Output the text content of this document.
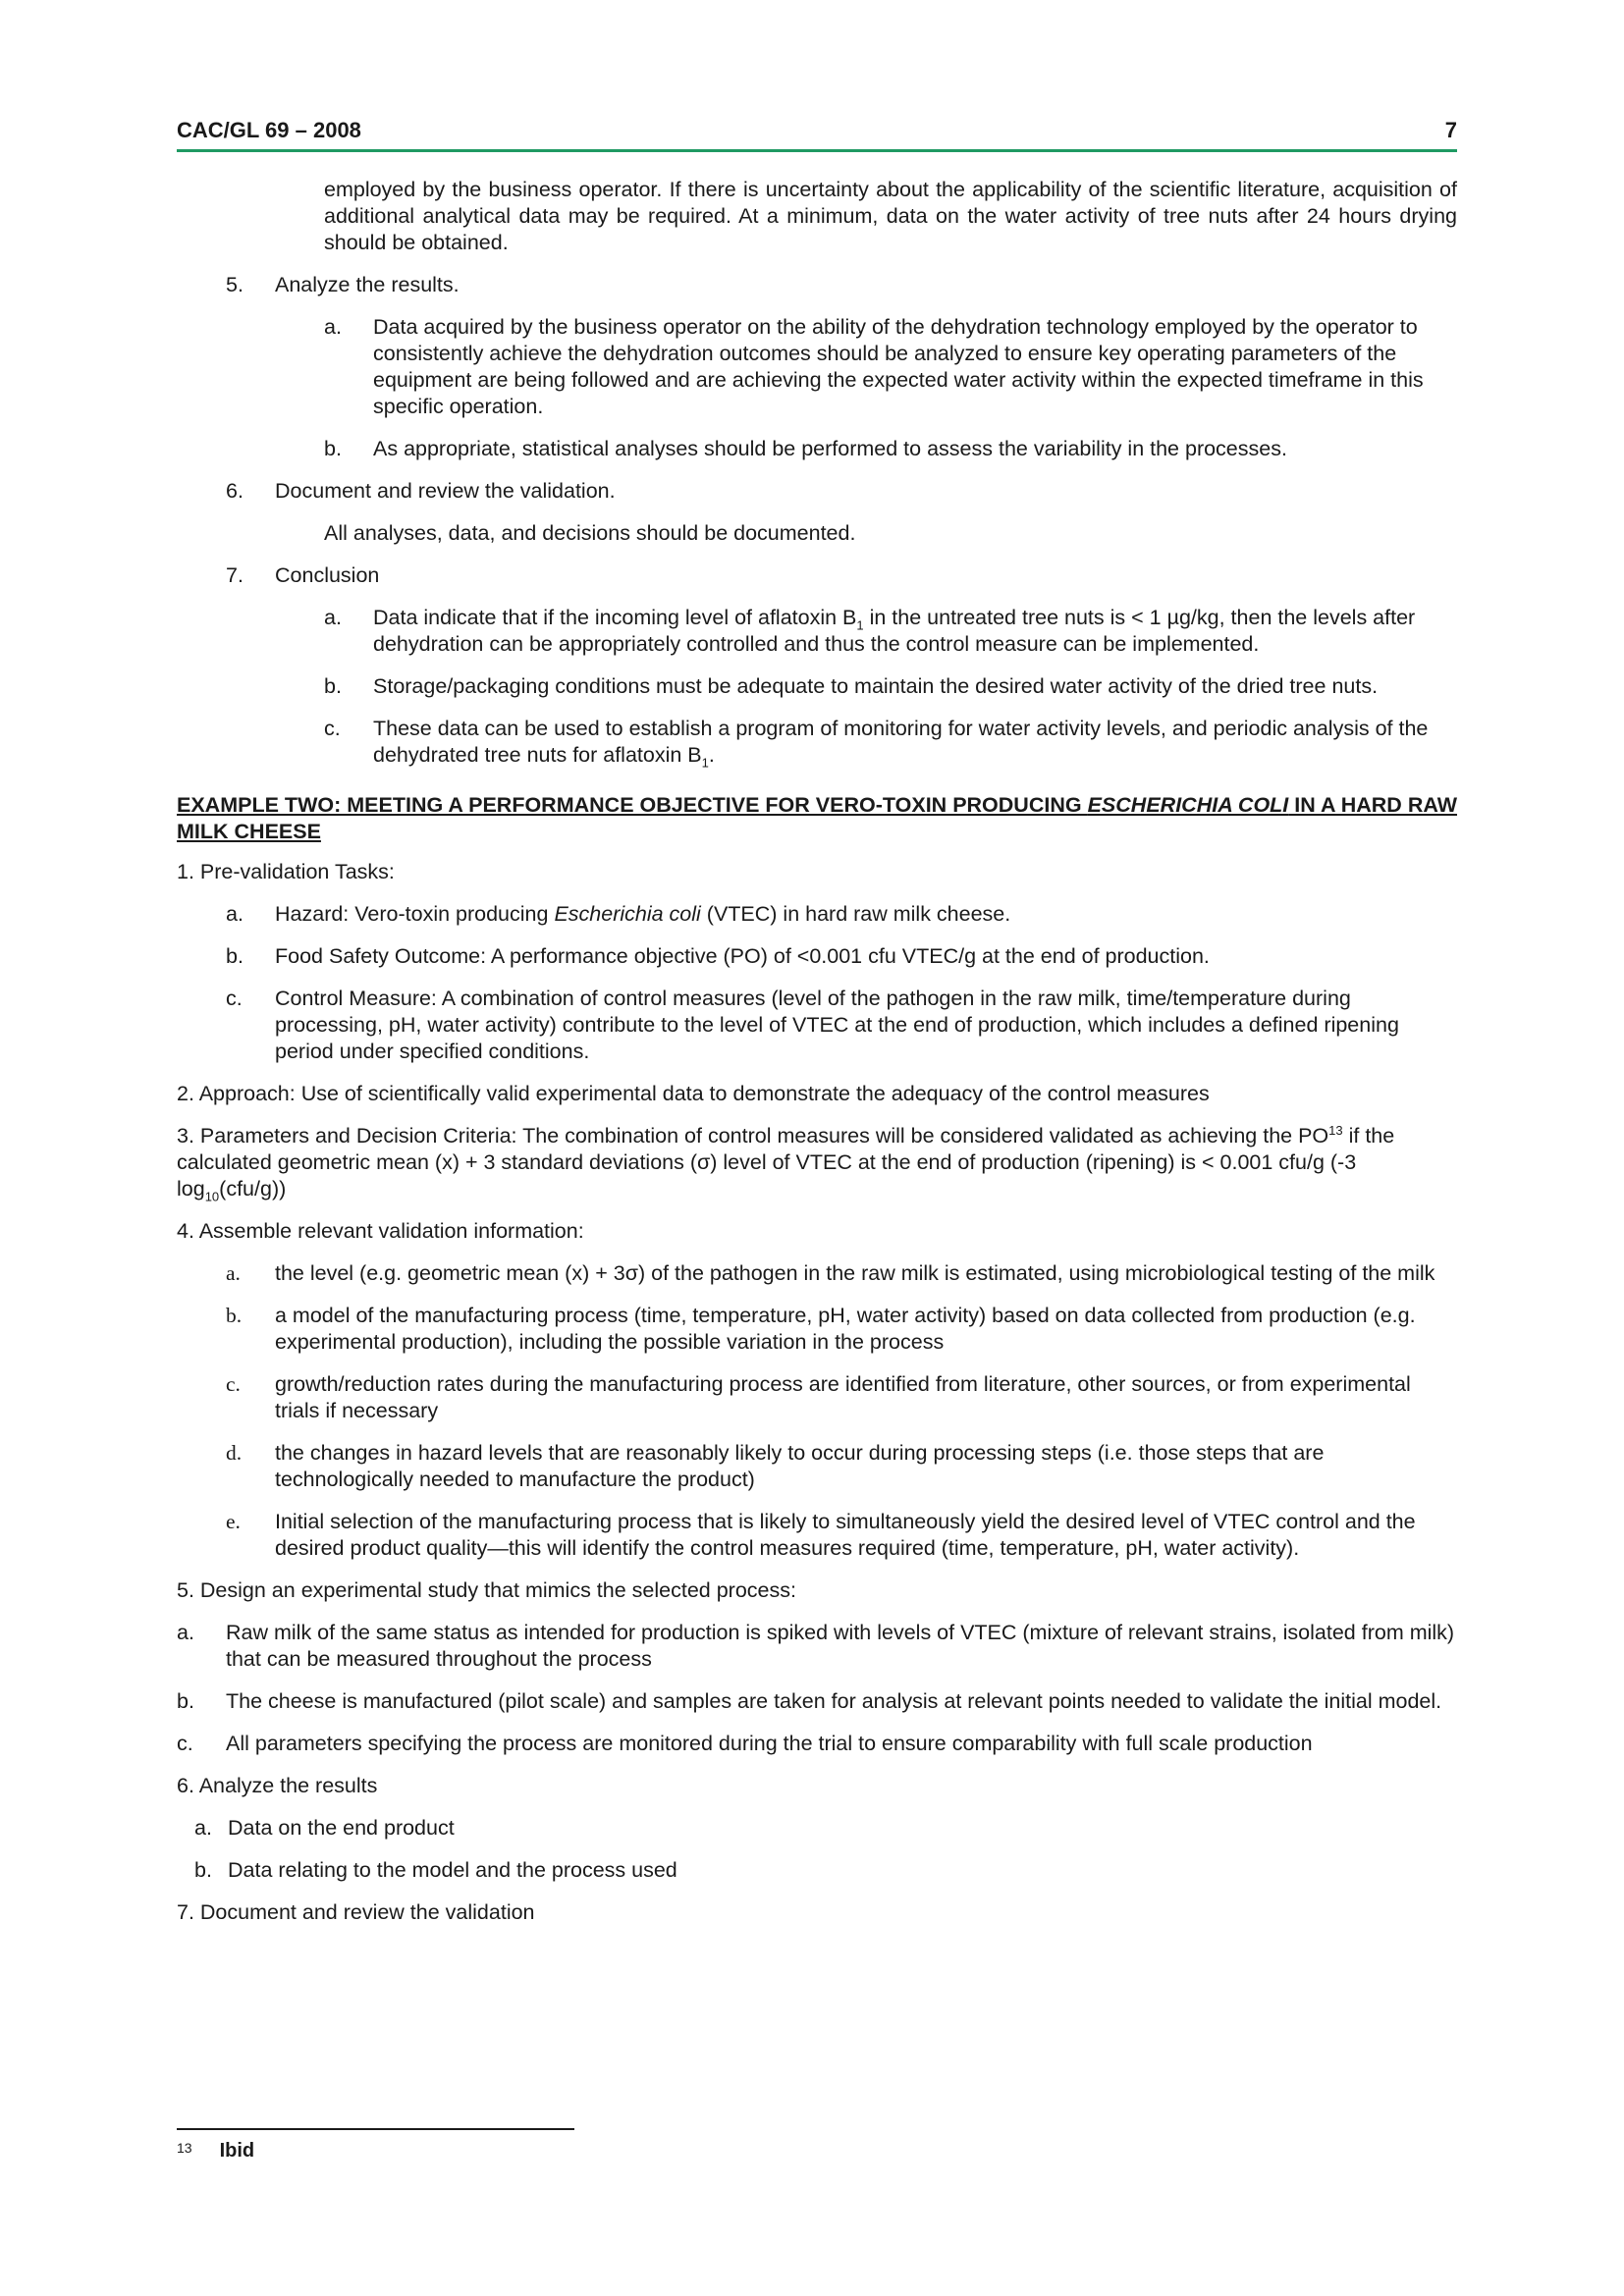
CAC/GL 69 – 2008	7

employed by the business operator. If there is uncertainty about the applicability of the scientific literature, acquisition of additional analytical data may be required. At a minimum, data on the water activity of tree nuts after 24 hours drying should be obtained.

5. Analyze the results.
a. Data acquired by the business operator on the ability of the dehydration technology employed by the operator to consistently achieve the dehydration outcomes should be analyzed to ensure key operating parameters of the equipment are being followed and are achieving the expected water activity within the expected timeframe in this specific operation.
b. As appropriate, statistical analyses should be performed to assess the variability in the processes.
6. Document and review the validation.

All analyses, data, and decisions should be documented.

7. Conclusion
a. Data indicate that if the incoming level of aflatoxin $B_1$ in the untreated tree nuts is < 1 µg/kg, then the levels after dehydration can be appropriately controlled and thus the control measure can be implemented.
b. Storage/packaging conditions must be adequate to maintain the desired water activity of the dried tree nuts.
c. These data can be used to establish a program of monitoring for water activity levels, and periodic analysis of the dehydrated tree nuts for aflatoxin $B_1$.
EXAMPLE TWO: MEETING A PERFORMANCE OBJECTIVE FOR VERO-TOXIN PRODUCING ESCHERICHIA COLI IN A HARD RAW MILK CHEESE

1. Pre-validation Tasks:

a. Hazard: Vero-toxin producing Escherichia coli (VTEC) in hard raw milk cheese.
b. Food Safety Outcome: A performance objective (PO) of <0.001 cfu VTEC/g at the end of production.
c. Control Measure: A combination of control measures (level of the pathogen in the raw milk, time/temperature during processing, pH, water activity) contribute to the level of VTEC at the end of production, which includes a defined ripening period under specified conditions.

2. Approach: Use of scientifically valid experimental data to demonstrate the adequacy of the control measures

3. Parameters and Decision Criteria: The combination of control measures will be considered validated as achieving the PO$^{13}$ if the calculated geometric mean (x) + 3 standard deviations (σ) level of VTEC at the end of production (ripening) is < 0.001 cfu/g (-3 $\log_{10}(cfu/g)$)

4. Assemble relevant validation information:

a. the level (e.g. geometric mean (x) + 3σ) of the pathogen in the raw milk is estimated, using microbiological testing of the milk
b. a model of the manufacturing process (time, temperature, pH, water activity) based on data collected from production (e.g. experimental production), including the possible variation in the process
c. growth/reduction rates during the manufacturing process are identified from literature, other sources, or from experimental trials if necessary
d. the changes in hazard levels that are reasonably likely to occur during processing steps (i.e. those steps that are technologically needed to manufacture the product)
e. Initial selection of the manufacturing process that is likely to simultaneously yield the desired level of VTEC control and the desired product quality—this will identify the control measures required (time, temperature, pH, water activity).

5. Design an experimental study that mimics the selected process:

a. Raw milk of the same status as intended for production is spiked with levels of VTEC (mixture of relevant strains, isolated from milk) that can be measured throughout the process
b. The cheese is manufactured (pilot scale) and samples are taken for analysis at relevant points needed to validate the initial model.
c. All parameters specifying the process are monitored during the trial to ensure comparability with full scale production

6. Analyze the results

a. Data on the end product
b. Data relating to the model and the process used

7. Document and review the validation

$^{13}$ Ibid
